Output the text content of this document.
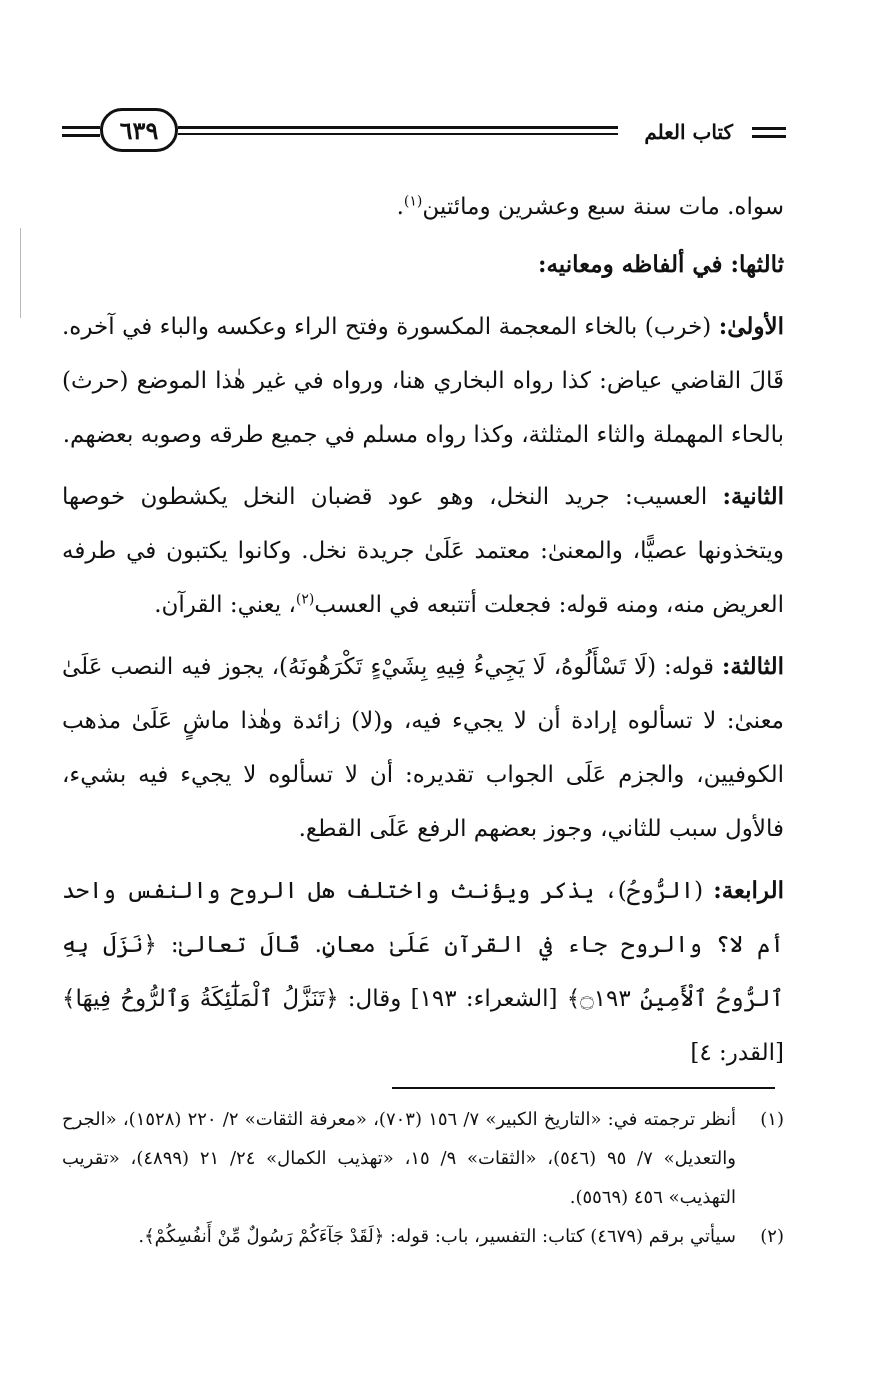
كتاب العلم
٦٣٩

سواه. مات سنة سبع وعشرين ومائتين$^{(١)}$.

ثالثها: في ألفاظه ومعانيه:

الأولىٰ: (خرب) بالخاء المعجمة المكسورة وفتح الراء وعكسه والباء في آخره. قَالَ القاضي عياض: كذا رواه البخاري هنا، ورواه في غير هٰذا الموضع (حرث) بالحاء المهملة والثاء المثلثة، وكذا رواه مسلم في جميع طرقه وصوبه بعضهم.

الثانية: العسيب: جريد النخل، وهو عود قضبان النخل يكشطون خوصها ويتخذونها عصيًّا، والمعنىٰ: معتمد عَلَىٰ جريدة نخل. وكانوا يكتبون في طرفه العريض منه، ومنه قوله: فجعلت أتتبعه في العسب$^{(٢)}$، يعني: القرآن.

الثالثة: قوله: (لَا تَسْأَلُوهُ، لَا يَجِيءُ فِيهِ بِشَيْءٍ تَكْرَهُونَهُ)، يجوز فيه النصب عَلَىٰ معنىٰ: لا تسألوه إرادة أن لا يجيء فيه، و(لا) زائدة وهٰذا ماشٍ عَلَىٰ مذهب الكوفيين، والجزم عَلَى الجواب تقديره: أن لا تسألوه لا يجيء فيه بشيء، فالأول سبب للثاني، وجوز بعضهم الرفع عَلَى القطع.

الرابعة: (الرُّوحُ)، يذكر ويؤنث واختلف هل الروح والنفس واحد أم لا؟ والروح جاء في القرآن عَلَىٰ معانٍ. قَالَ تعالىٰ: ﴿نَزَلَ بِهِ ٱلرُّوحُ ٱلْأَمِينُ ۝١٩٣﴾ [الشعراء: ١٩٣] وقال: ﴿تَنَزَّلُ ٱلْمَلَٰٓئِكَةُ وَٱلرُّوحُ فِيهَا﴾ [القدر: ٤]

(١)
أنظر ترجمته في: «التاريخ الكبير» ٧/ ١٥٦ (٧٠٣)، «معرفة الثقات» ٢/ ٢٢٠ (١٥٢٨)، «الجرح والتعديل» ٧/ ٩٥ (٥٤٦)، «الثقات» ٩/ ١٥، «تهذيب الكمال» ٢٤/ ٢١ (٤٨٩٩)، «تقريب التهذيب» ٤٥٦ (٥٥٦٩).
(٢)
سيأتي برقم (٤٦٧٩) كتاب: التفسير، باب: قوله: ﴿لَقَدْ جَآءَكُمْ رَسُولٌ مِّنْ أَنفُسِكُمْ﴾.
